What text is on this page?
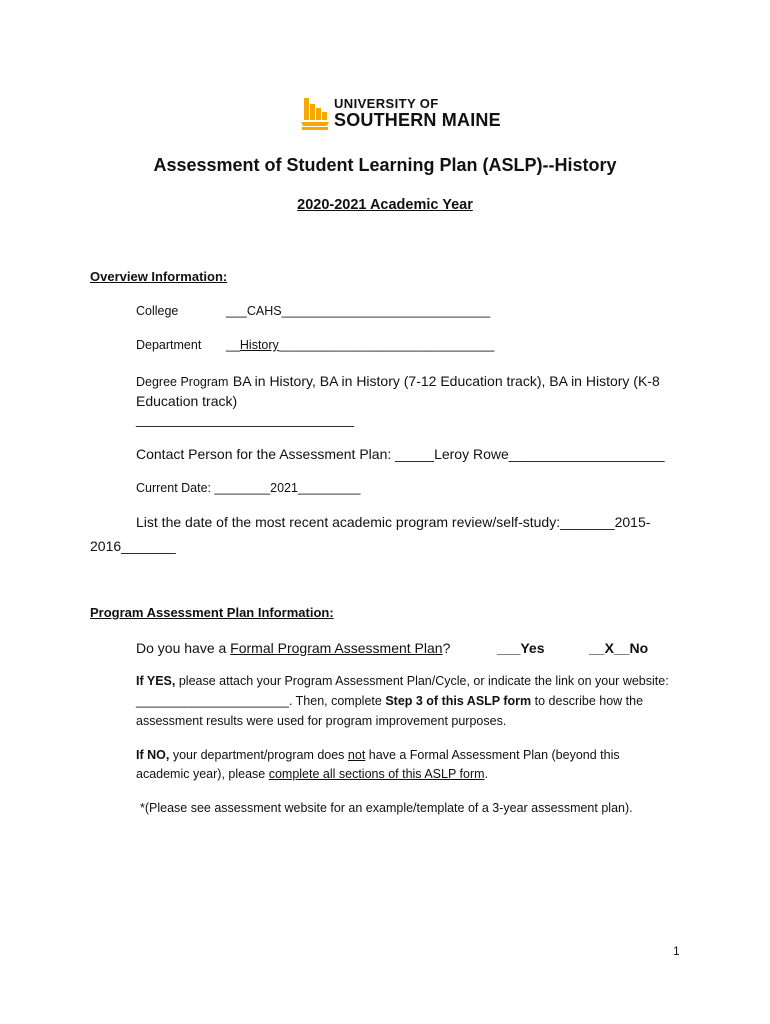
UNIVERSITY OF
SOUTHERN MAINE
Assessment of Student Learning Plan (ASLP)--History
2020-2021 Academic Year
Overview Information:
College	___CAHS______________________________
Department __History_______________________________
Degree Program BA in History, BA in History (7-12 Education track), BA in History (K-8 Education track)
____________________________
Contact Person for the Assessment Plan: _____Leroy Rowe____________________
Current Date: ________2021_________
List the date of the most recent academic program review/self-study:_______2015-
2016_______
Program Assessment Plan Information:
Do you have a Formal Program Assessment Plan?	___Yes	__X__No
If YES, please attach your Program Assessment Plan/Cycle, or indicate the link on your website:
______________________. Then, complete Step 3 of this ASLP form to describe how the
assessment results were used for program improvement purposes.
If NO, your department/program does not have a Formal Assessment Plan (beyond this
academic year), please complete all sections of this ASLP form.
*(Please see assessment website for an example/template of a 3-year assessment plan).
1
